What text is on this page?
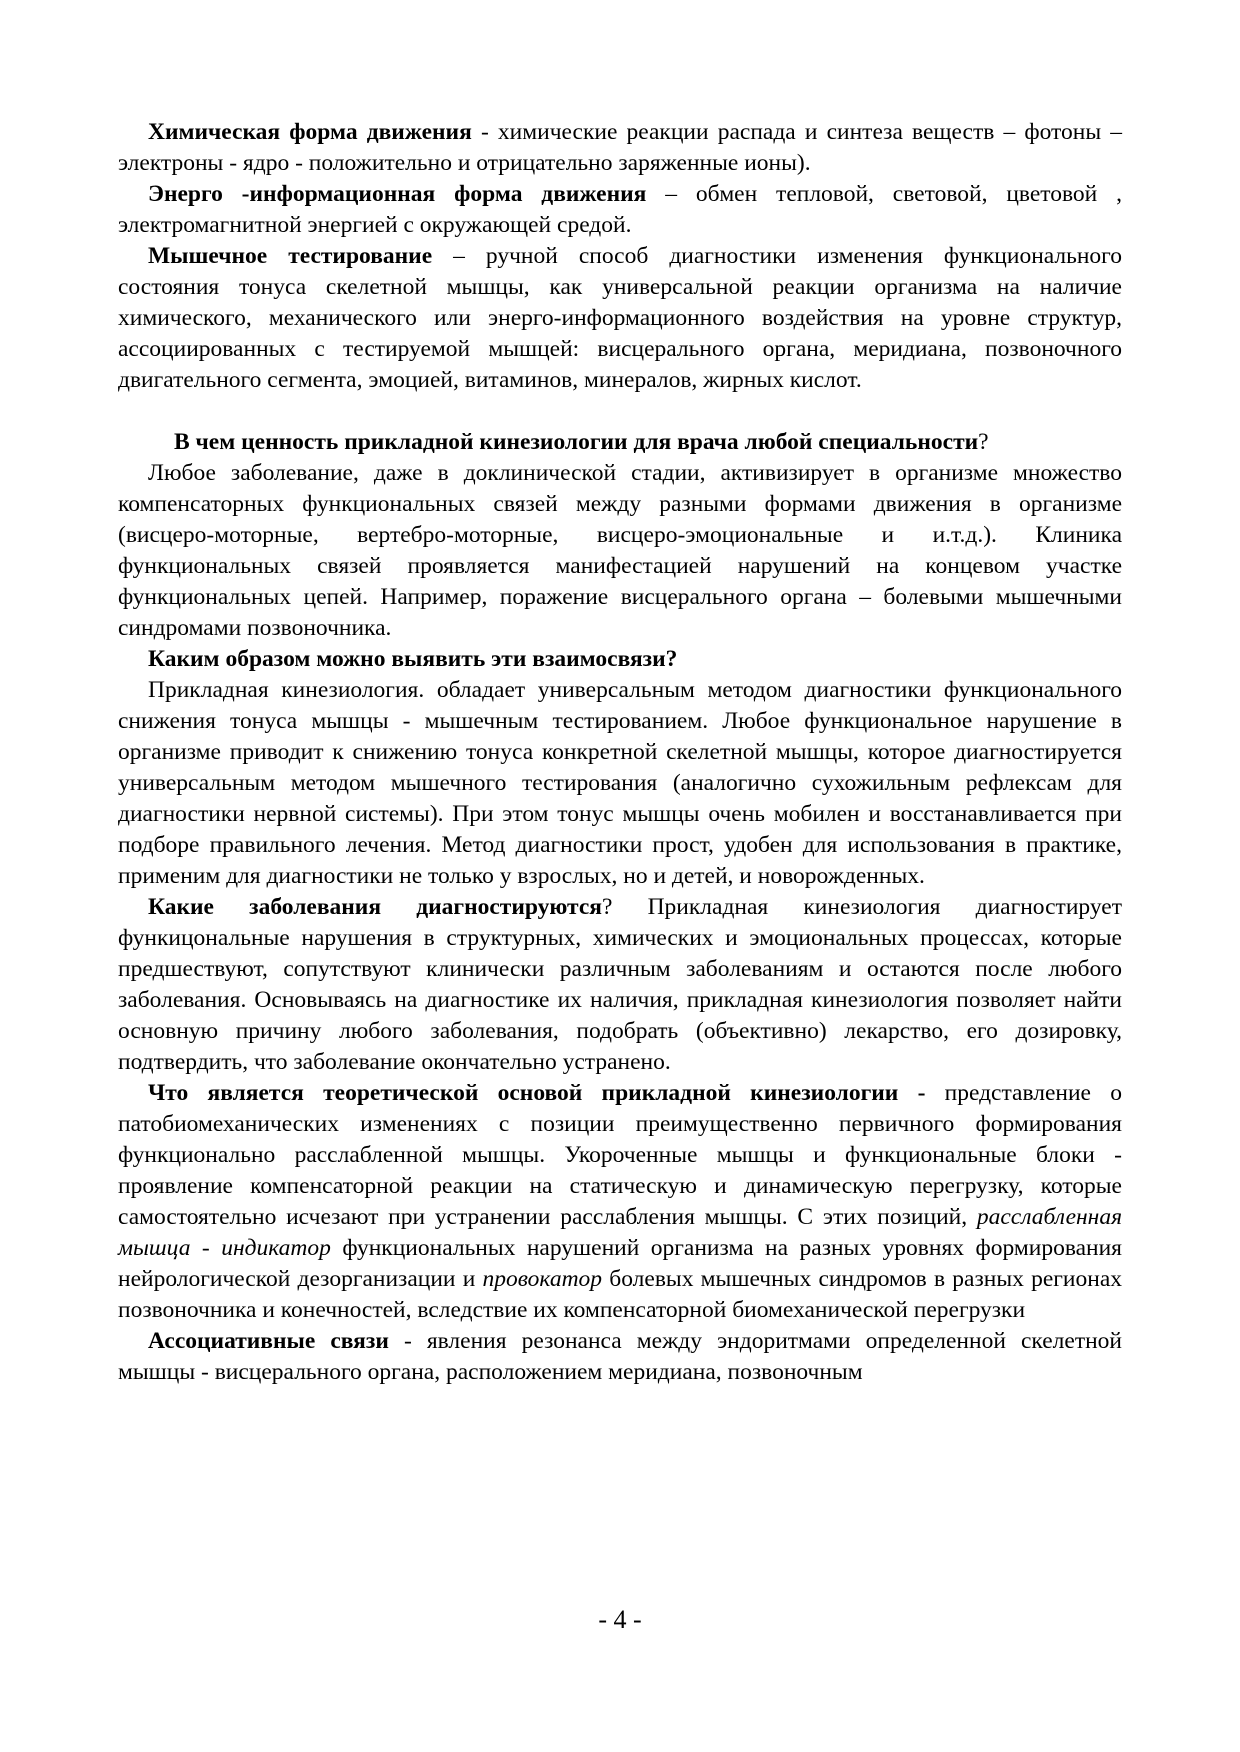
Химическая форма движения - химические реакции распада и синтеза веществ – фотоны – электроны - ядро - положительно и отрицательно заряженные ионы).

Энерго -информационная форма движения – обмен тепловой, световой, цветовой , электромагнитной энергией с окружающей средой.

Мышечное тестирование – ручной способ диагностики изменения функционального состояния тонуса скелетной мышцы, как универсальной реакции организма на наличие химического, механического или энерго-информационного воздействия на уровне структур, ассоциированных с тестируемой мышцей: висцерального органа, меридиана, позвоночного двигательного сегмента, эмоцией, витаминов, минералов, жирных кислот.

В чем ценность прикладной кинезиологии для врача любой специальности?

Любое заболевание, даже в доклинической стадии, активизирует в организме множество компенсаторных функциональных связей между разными формами движения в организме (висцеро-моторные, вертебро-моторные, висцеро-эмоциональные и и.т.д.). Клиника функциональных связей проявляется манифестацией нарушений на концевом участке функциональных цепей. Например, поражение висцерального органа – болевыми мышечными синдромами позвоночника.

Каким образом можно выявить эти взаимосвязи?

Прикладная кинезиология. обладает универсальным методом диагностики функционального снижения тонуса мышцы - мышечным тестированием. Любое функциональное нарушение в организме приводит к снижению тонуса конкретной скелетной мышцы, которое диагностируется универсальным методом мышечного тестирования (аналогично сухожильным рефлексам для диагностики нервной системы). При этом тонус мышцы очень мобилен и восстанавливается при подборе правильного лечения. Метод диагностики прост, удобен для использования в практике, применим для диагностики не только у взрослых, но и детей, и новорожденных.

Какие заболевания диагностируются? Прикладная кинезиология диагностирует функицональные нарушения в структурных, химических и эмоциональных процессах, которые предшествуют, сопутствуют клинически различным заболеваниям и остаются после любого заболевания. Основываясь на диагностике их наличия, прикладная кинезиология позволяет найти основную причину любого заболевания, подобрать (объективно) лекарство, его дозировку, подтвердить, что заболевание окончательно устранено.

Что является теоретической основой прикладной кинезиологии - представление о патобиомеханических изменениях с позиции преимущественно первичного формирования функционально расслабленной мышцы. Укороченные мышцы и функциональные блоки - проявление компенсаторной реакции на статическую и динамическую перегрузку, которые самостоятельно исчезают при устранении расслабления мышцы. С этих позиций, расслабленная мышца - индикатор функциональных нарушений организма на разных уровнях формирования нейрологической дезорганизации и провокатор болевых мышечных синдромов в разных регионах позвоночника и конечностей, вследствие их компенсаторной биомеханической перегрузки

Ассоциативные связи - явления резонанса между эндоритмами определенной скелетной мышцы - висцерального органа, расположением меридиана, позвоночным

- 4 -
